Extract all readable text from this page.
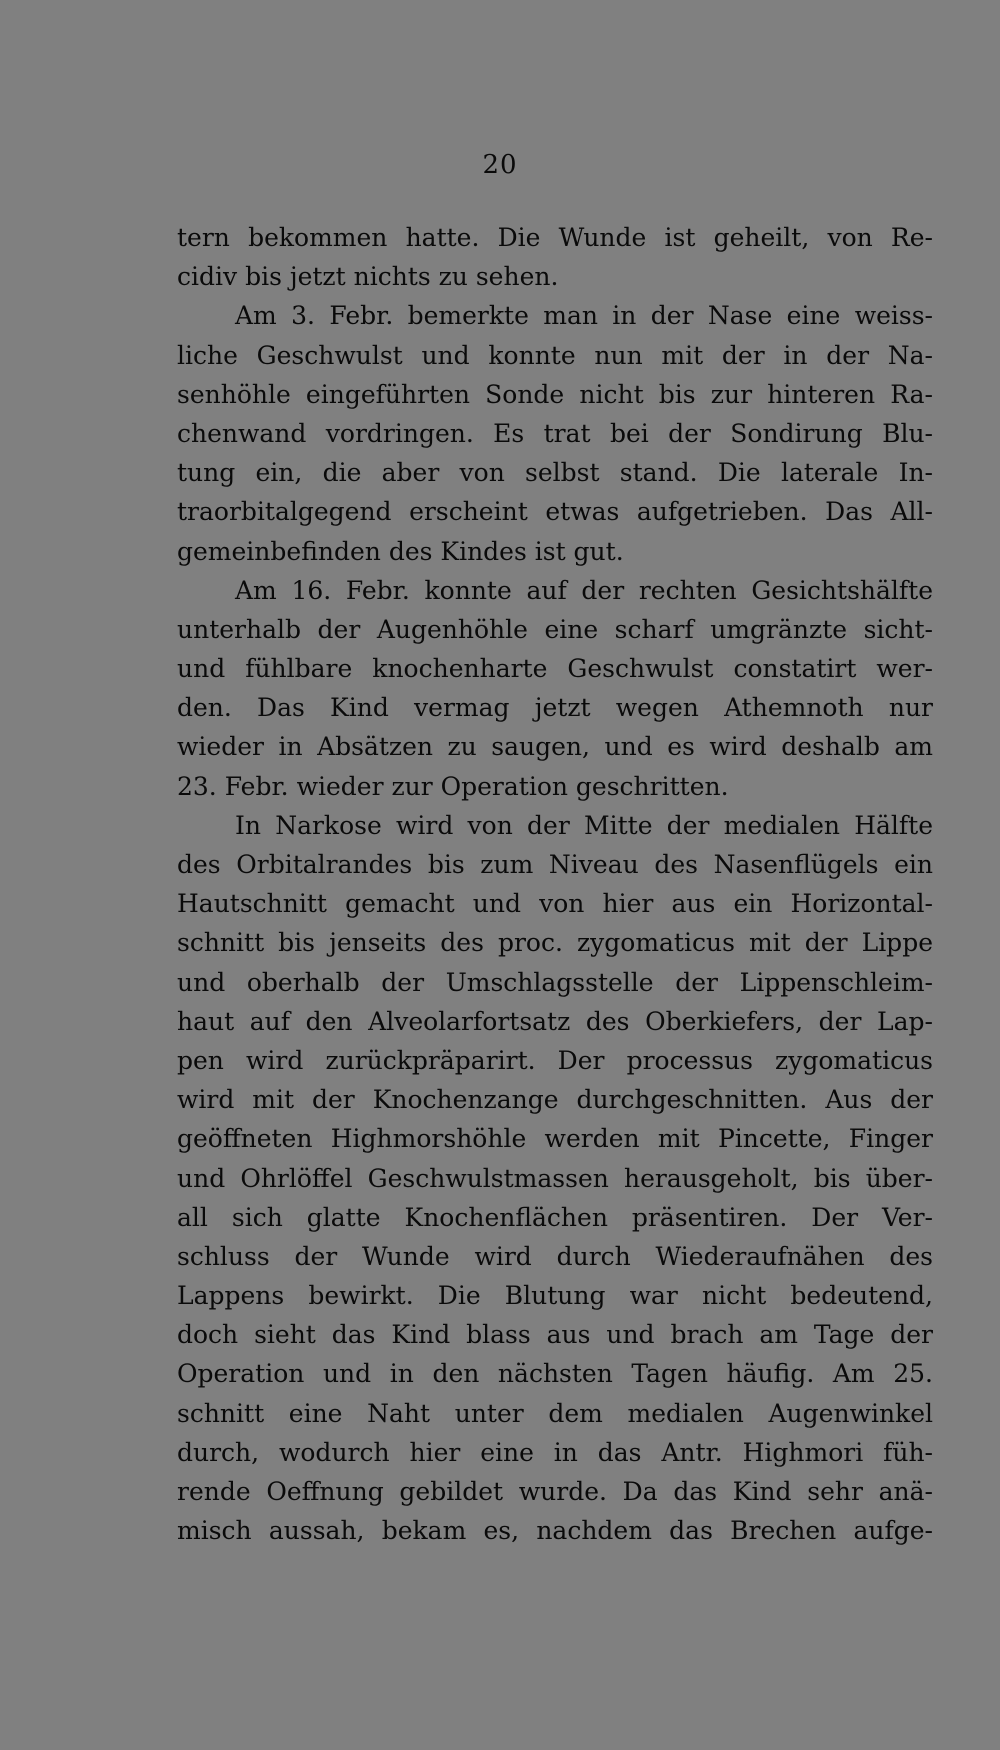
20
tern bekommen hatte. Die Wunde ist geheilt, von Re-
cidiv bis jetzt nichts zu sehen.
Am 3. Febr. bemerkte man in der Nase eine weiss-
liche Geschwulst und konnte nun mit der in der Na-
senhöhle eingeführten Sonde nicht bis zur hinteren Ra-
chenwand vordringen. Es trat bei der Sondirung Blu-
tung ein, die aber von selbst stand. Die laterale In-
traorbitalgegend erscheint etwas aufgetrieben. Das All-
gemeinbefinden des Kindes ist gut.
Am 16. Febr. konnte auf der rechten Gesichtshälfte
unterhalb der Augenhöhle eine scharf umgränzte sicht-
und fühlbare knochenharte Geschwulst constatirt wer-
den. Das Kind vermag jetzt wegen Athemnoth nur
wieder in Absätzen zu saugen, und es wird deshalb am
23. Febr. wieder zur Operation geschritten.
In Narkose wird von der Mitte der medialen Hälfte
des Orbitalrandes bis zum Niveau des Nasenflügels ein
Hautschnitt gemacht und von hier aus ein Horizontal-
schnitt bis jenseits des proc. zygomaticus mit der Lippe
und oberhalb der Umschlagsstelle der Lippenschleim-
haut auf den Alveolarfortsatz des Oberkiefers, der Lap-
pen wird zurückpräparirt. Der processus zygomaticus
wird mit der Knochenzange durchgeschnitten. Aus der
geöffneten Highmorshöhle werden mit Pincette, Finger
und Ohrlöffel Geschwulstmassen herausgeholt, bis über-
all sich glatte Knochenflächen präsentiren. Der Ver-
schluss der Wunde wird durch Wiederaufnähen des
Lappens bewirkt. Die Blutung war nicht bedeutend,
doch sieht das Kind blass aus und brach am Tage der
Operation und in den nächsten Tagen häufig. Am 25.
schnitt eine Naht unter dem medialen Augenwinkel
durch, wodurch hier eine in das Antr. Highmori füh-
rende Oeffnung gebildet wurde. Da das Kind sehr anä-
misch aussah, bekam es, nachdem das Brechen aufge-
